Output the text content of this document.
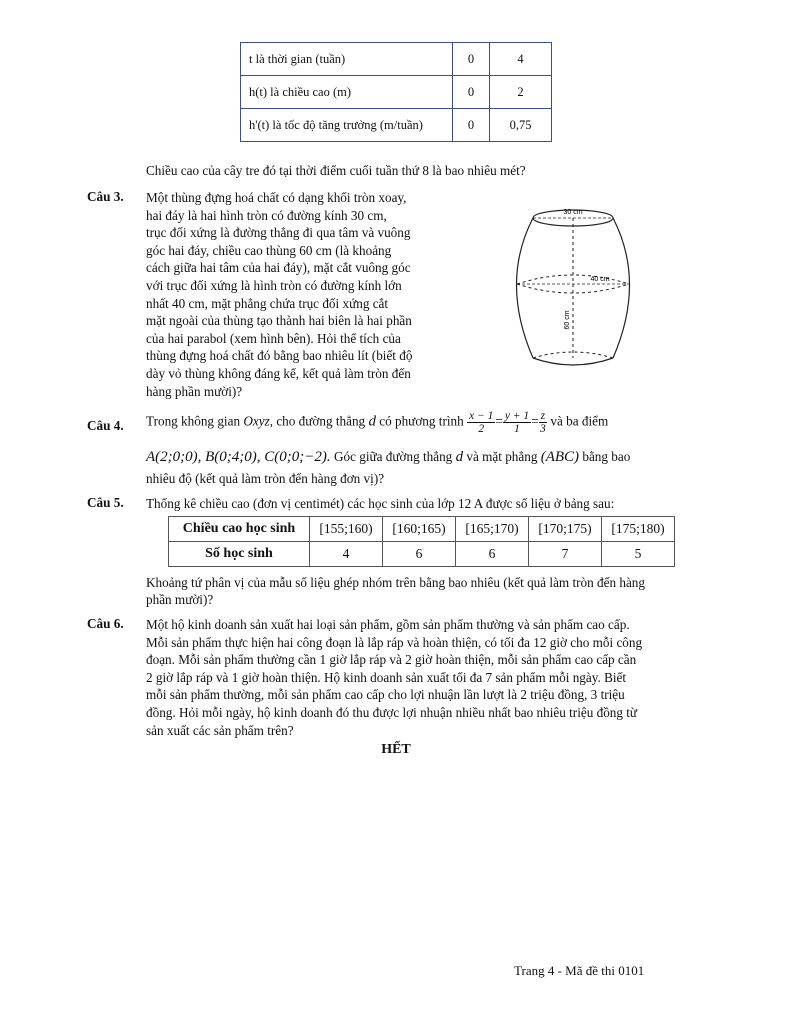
t là thời gian (tuần)	0	4
h(t) là chiều cao (m)	0	2
h'(t) là tốc độ tăng trưởng (m/tuần)	0	0,75
Chiều cao của cây tre đó tại thời điểm cuối tuần thứ 8 là bao nhiêu mét?
Câu 3. Một thùng đựng hoá chất có dạng khối tròn xoay,
hai đáy là hai hình tròn có đường kính 30 cm,
trục đối xứng là đường thẳng đi qua tâm và vuông
góc hai đáy, chiều cao thùng 60 cm (là khoảng
cách giữa hai tâm của hai đáy), mặt cắt vuông góc
với trục đối xứng là hình tròn có đường kính lớn
nhất 40 cm, mặt phẳng chứa trục đối xứng cắt
mặt ngoài của thùng tạo thành hai biên là hai phần
của hai parabol (xem hình bên). Hỏi thể tích của
thùng đựng hoá chất đó bằng bao nhiêu lít (biết độ
dày vỏ thùng không đáng kể, kết quả làm tròn đến
hàng phần mười)?
30 cm
40 cm
60 cm
Câu 4. Trong không gian Oxyz, cho đường thẳng d có phương trình $\frac{x - 1}{2} = \frac{y + 1}{1} = \frac{z}{3}$ và ba điểm
A(2;0;0), B(0;4;0), C(0;0;−2). Góc giữa đường thẳng d và mặt phẳng (ABC) bằng bao
nhiêu độ (kết quả làm tròn đến hàng đơn vị)?
Câu 5. Thống kê chiều cao (đơn vị centimét) các học sinh của lớp 12 A được số liệu ở bảng sau:
Chiều cao học sinh	[155;160)	[160;165)	[165;170)	[170;175)	[175;180)
Số học sinh	4	6	6	7	5
Khoảng tứ phân vị của mẫu số liệu ghép nhóm trên bằng bao nhiêu (kết quả làm tròn đến hàng
phần mười)?
Câu 6. Một hộ kinh doanh sản xuất hai loại sản phẩm, gồm sản phẩm thường và sản phẩm cao cấp.
Mỗi sản phẩm thực hiện hai công đoạn là lắp ráp và hoàn thiện, có tối đa 12 giờ cho mỗi công
đoạn. Mỗi sản phẩm thường cần 1 giờ lắp ráp và 2 giờ hoàn thiện, mỗi sản phẩm cao cấp cần
2 giờ lắp ráp và 1 giờ hoàn thiện. Hộ kinh doanh sản xuất tối đa 7 sản phẩm mỗi ngày. Biết
mỗi sản phẩm thường, mỗi sản phẩm cao cấp cho lợi nhuận lần lượt là 2 triệu đồng, 3 triệu
đồng. Hỏi mỗi ngày, hộ kinh doanh đó thu được lợi nhuận nhiều nhất bao nhiêu triệu đồng từ
sản xuất các sản phẩm trên?
HẾT
Trang 4 - Mã đề thi 0101
